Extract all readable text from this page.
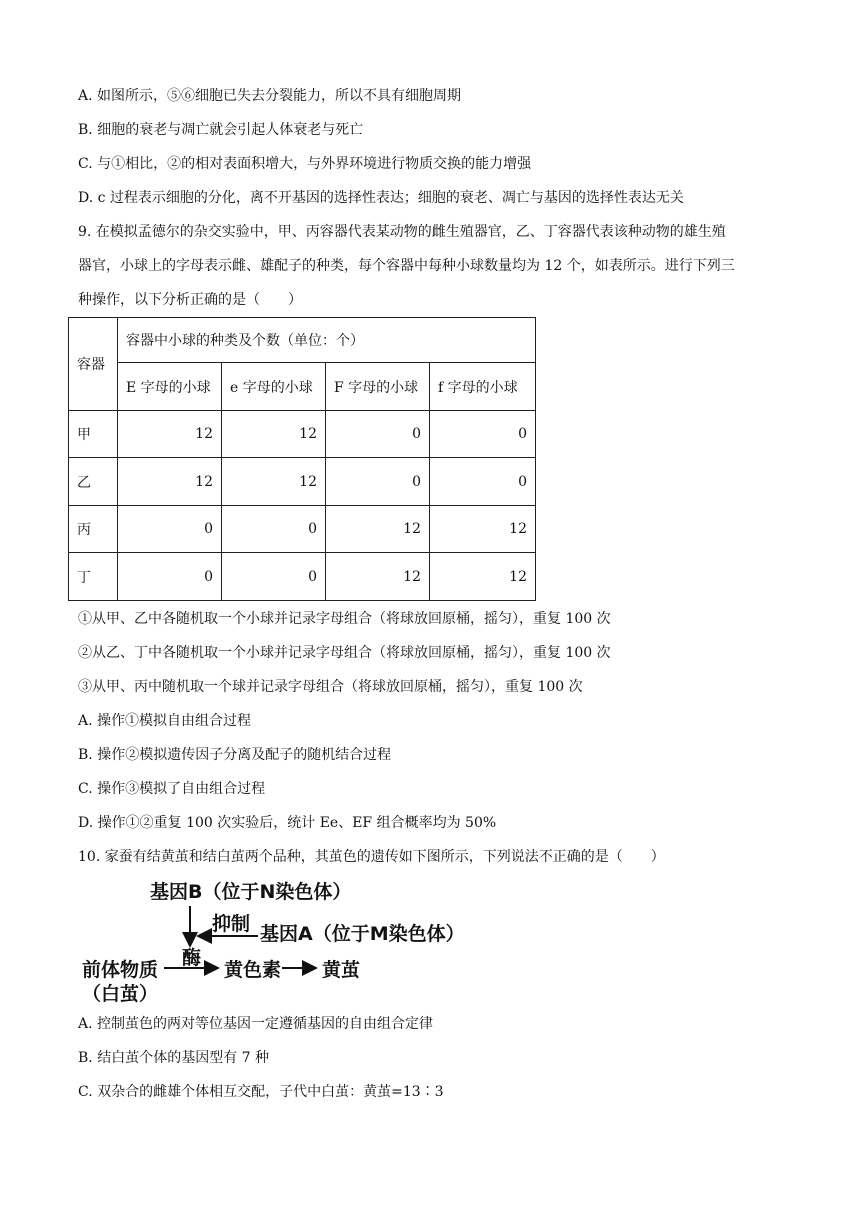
A. 如图所示，⑤⑥细胞已失去分裂能力，所以不具有细胞周期
B. 细胞的衰老与凋亡就会引起人体衰老与死亡
C. 与①相比，②的相对表面积增大，与外界环境进行物质交换的能力增强
D. c 过程表示细胞的分化，离不开基因的选择性表达；细胞的衰老、凋亡与基因的选择性表达无关
9. 在模拟孟德尔的杂交实验中，甲、丙容器代表某动物的雌生殖器官，乙、丁容器代表该种动物的雄生殖
器官，小球上的字母表示雌、雄配子的种类，每个容器中每种小球数量均为 12 个，如表所示。进行下列三
种操作，以下分析正确的是（　　）
容器	容器中小球的种类及个数（单位：个）			
	E 字母的小球	e 字母的小球	F 字母的小球	f 字母的小球
甲	12	12	0	0
乙	12	12	0	0
丙	0	0	12	12
丁	0	0	12	12
①从甲、乙中各随机取一个小球并记录字母组合（将球放回原桶，摇匀），重复 100 次
②从乙、丁中各随机取一个小球并记录字母组合（将球放回原桶，摇匀），重复 100 次
③从甲、丙中随机取一个球并记录字母组合（将球放回原桶，摇匀），重复 100 次
A. 操作①模拟自由组合过程
B. 操作②模拟遗传因子分离及配子的随机结合过程
C. 操作③模拟了自由组合过程
D. 操作①②重复 100 次实验后，统计 Ee、EF 组合概率均为 50%
10. 家蚕有结黄茧和结白茧两个品种，其茧色的遗传如下图所示，下列说法不正确的是（　　）
基因B（位于N染色体）
抑制 基因A（位于M染色体）
酶
前体物质	黄色素 黄茧
（白茧）
A. 控制茧色的两对等位基因一定遵循基因的自由组合定律
B. 结白茧个体的基因型有 7 种
C. 双杂合的雌雄个体相互交配，子代中白茧：黄茧=13∶3
